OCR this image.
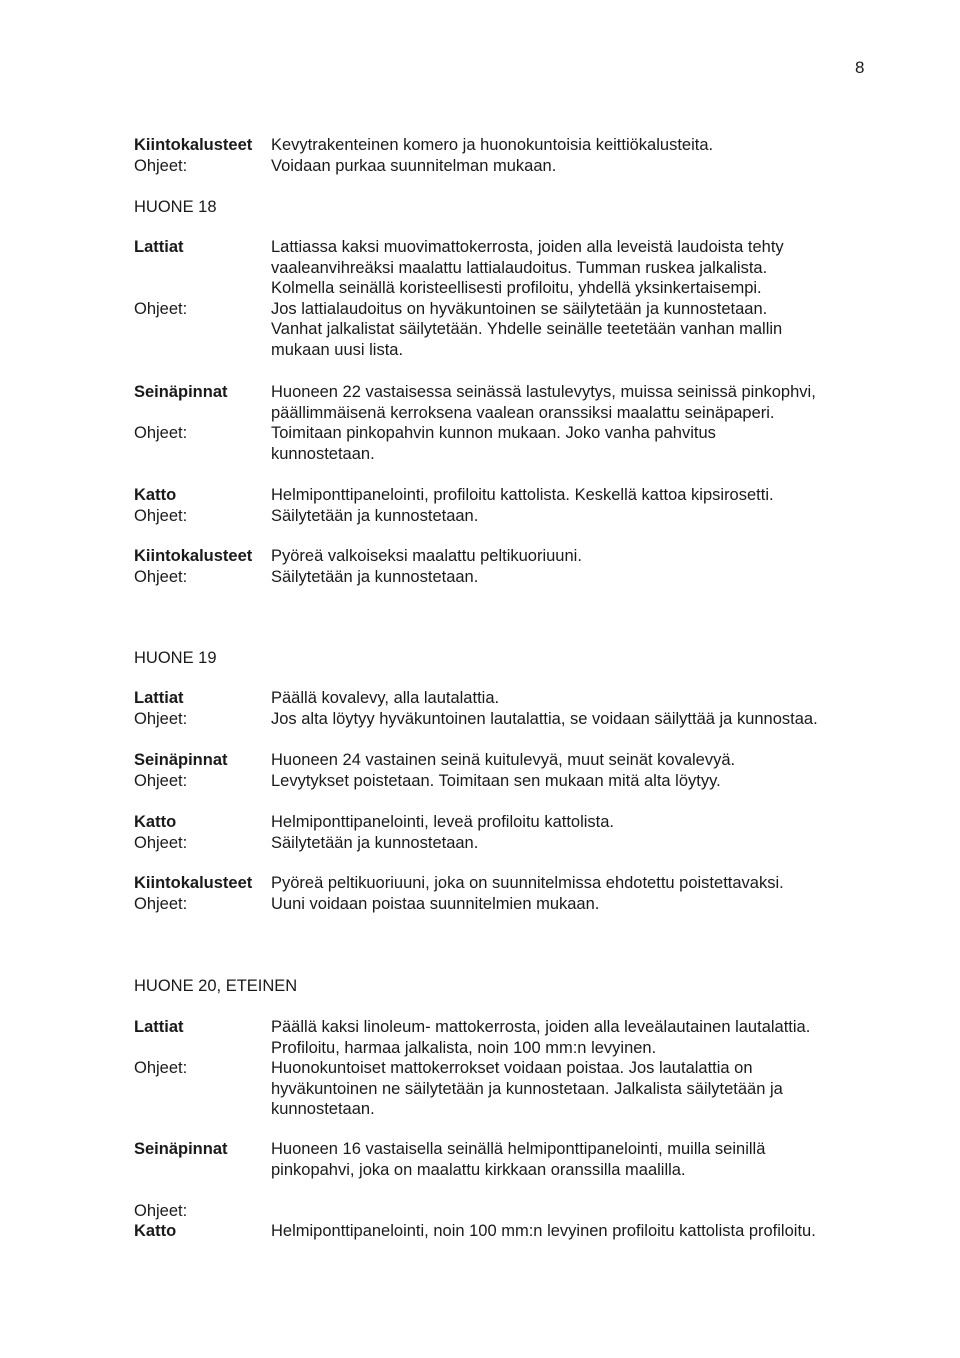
8
Kiintokalusteet Kevytrakenteinen komero ja huonokuntoisia keittiökalusteita.
Ohjeet:	Voidaan purkaa suunnitelman mukaan.
HUONE 18
Lattiat	Lattiassa kaksi muovimattokerrosta, joiden alla leveistä laudoista tehty
vaaleanvihreäksi maalattu lattialaudoitus. Tumman ruskea jalkalista.
Kolmella seinällä koristeellisesti profiloitu, yhdellä yksinkertaisempi.
Ohjeet:	Jos lattialaudoitus on hyväkuntoinen se säilytetään ja kunnostetaan.
Vanhat jalkalistat säilytetään. Yhdelle seinälle teetetään vanhan mallin
mukaan uusi lista.
Seinäpinnat	Huoneen 22 vastaisessa seinässä lastulevytys, muissa seinissä pinkophvi,
päällimmäisenä kerroksena vaalean oranssiksi maalattu seinäpaperi.
Ohjeet:	Toimitaan pinkopahvin kunnon mukaan. Joko vanha pahvitus
kunnostetaan.
Katto	Helmiponttipanelointi, profiloitu kattolista. Keskellä kattoa kipsirosetti.
Ohjeet:	Säilytetään ja kunnostetaan.
Kiintokalusteet Pyöreä valkoiseksi maalattu peltikuoriuuni.
Ohjeet:	Säilytetään ja kunnostetaan.
HUONE 19
Lattiat	Päällä kovalevy, alla lautalattia.
Ohjeet:	Jos alta löytyy hyväkuntoinen lautalattia, se voidaan säilyttää ja kunnostaa.
Seinäpinnat	Huoneen 24 vastainen seinä kuitulevyä, muut seinät kovalevyä.
Ohjeet:	Levytykset poistetaan. Toimitaan sen mukaan mitä alta löytyy.
Katto	Helmiponttipanelointi, leveä profiloitu kattolista.
Ohjeet:	Säilytetään ja kunnostetaan.
Kiintokalusteet Pyöreä peltikuoriuuni, joka on suunnitelmissa ehdotettu poistettavaksi.
Ohjeet:	Uuni voidaan poistaa suunnitelmien mukaan.
HUONE 20, ETEINEN
Lattiat	Päällä kaksi linoleum- mattokerrosta, joiden alla leveälautainen lautalattia.
Profiloitu, harmaa jalkalista, noin 100 mm:n levyinen.
Ohjeet:	Huonokuntoiset mattokerrokset voidaan poistaa. Jos lautalattia on
hyväkuntoinen ne säilytetään ja kunnostetaan. Jalkalista säilytetään ja
kunnostetaan.
Seinäpinnat	Huoneen 16 vastaisella seinällä helmiponttipanelointi, muilla seinillä
pinkopahvi, joka on maalattu kirkkaan oranssilla maalilla.
Ohjeet:
Katto	Helmiponttipanelointi, noin 100 mm:n levyinen profiloitu kattolista profiloitu.
